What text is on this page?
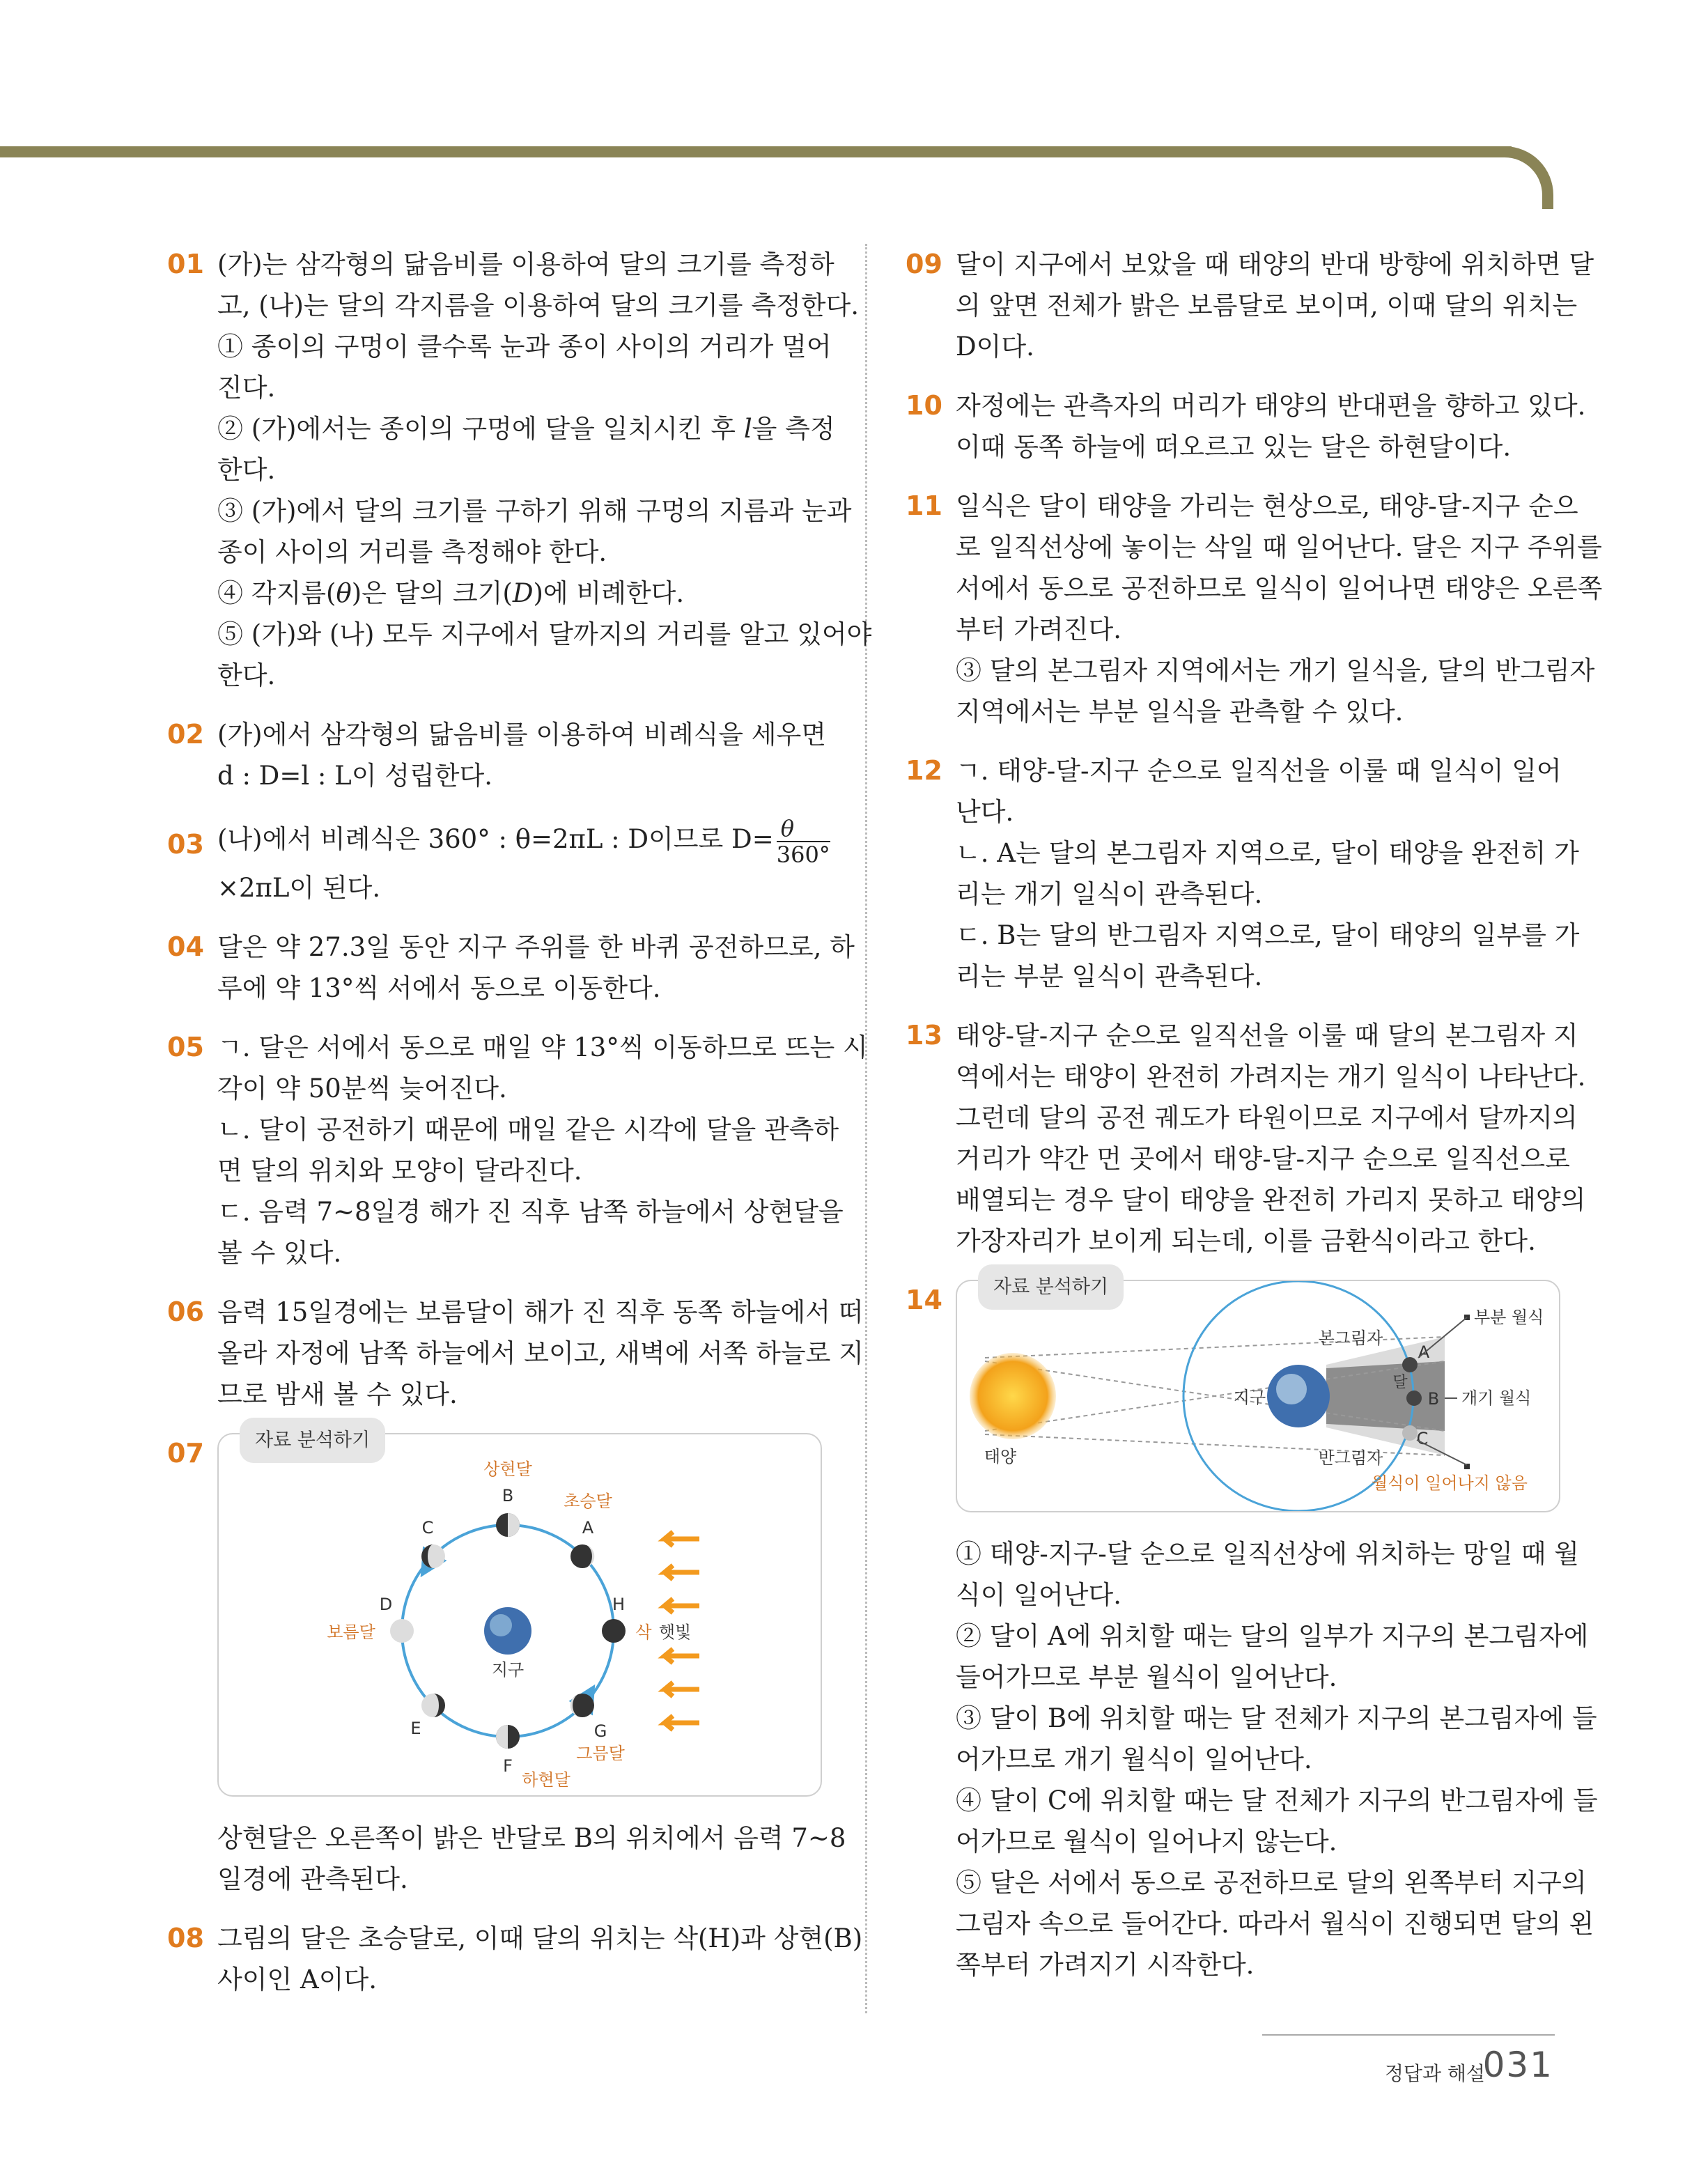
01 (가)는 삼각형의 닮음비를 이용하여 달의 크기를 측정하
고, (나)는 달의 각지름을 이용하여 달의 크기를 측정한다.
① 종이의 구멍이 클수록 눈과 종이 사이의 거리가 멀어
진다.
② (가)에서는 종이의 구멍에 달을 일치시킨 후 l을 측정
한다.
③ (가)에서 달의 크기를 구하기 위해 구멍의 지름과 눈과
종이 사이의 거리를 측정해야 한다.
④ 각지름(θ)은 달의 크기(D)에 비례한다.
⑤ (가)와 (나) 모두 지구에서 달까지의 거리를 알고 있어야
한다.
02 (가)에서 삼각형의 닮음비를 이용하여 비례식을 세우면
d : D=l : L이 성립한다.
03 (나)에서 비례식은 360° : θ=2πL : D이므로 $D= \frac{\theta}{360^\circ}$
×2πL이 된다.
04 달은 약 27.3일 동안 지구 주위를 한 바퀴 공전하므로, 하
루에 약 13°씩 서에서 동으로 이동한다.
05 ㄱ. 달은 서에서 동으로 매일 약 13°씩 이동하므로 뜨는 시
각이 약 50분씩 늦어진다.
ㄴ. 달이 공전하기 때문에 매일 같은 시각에 달을 관측하
면 달의 위치와 모양이 달라진다.
ㄷ. 음력 7~8일경 해가 진 직후 남쪽 하늘에서 상현달을
볼 수 있다.
06 음력 15일경에는 보름달이 해가 진 직후 동쪽 하늘에서 떠
올라 자정에 남쪽 하늘에서 보이고, 새벽에 서쪽 하늘로 지
므로 밤새 볼 수 있다.
07	자료 분석하기
지구
상현달
B	초승달
A
C
D
보름달
H
삭 햇빛
E	G
그믐달
F
하현달
상현달은 오른쪽이 밝은 반달로 B의 위치에서 음력 7~8
일경에 관측된다.
08 그림의 달은 초승달로, 이때 달의 위치는 삭(H)과 상현(B)
사이인 A이다.
09 달이 지구에서 보았을 때 태양의 반대 방향에 위치하면 달
의 앞면 전체가 밝은 보름달로 보이며, 이때 달의 위치는
D이다.
10 자정에는 관측자의 머리가 태양의 반대편을 향하고 있다.
이때 동쪽 하늘에 떠오르고 있는 달은 하현달이다.
11 일식은 달이 태양을 가리는 현상으로, 태양-달-지구 순으
로 일직선상에 놓이는 삭일 때 일어난다. 달은 지구 주위를
서에서 동으로 공전하므로 일식이 일어나면 태양은 오른쪽
부터 가려진다.
③ 달의 본그림자 지역에서는 개기 일식을, 달의 반그림자
지역에서는 부분 일식을 관측할 수 있다.
12 ㄱ. 태양-달-지구 순으로 일직선을 이룰 때 일식이 일어
난다.
ㄴ. A는 달의 본그림자 지역으로, 달이 태양을 완전히 가
리는 개기 일식이 관측된다.
ㄷ. B는 달의 반그림자 지역으로, 달이 태양의 일부를 가
리는 부분 일식이 관측된다.
13 태양-달-지구 순으로 일직선을 이룰 때 달의 본그림자 지
역에서는 태양이 완전히 가려지는 개기 일식이 나타난다.
그런데 달의 공전 궤도가 타원이므로 지구에서 달까지의
거리가 약간 먼 곳에서 태양-달-지구 순으로 일직선으로
배열되는 경우 달이 태양을 완전히 가리지 못하고 태양의
가장자리가 보이게 되는데, 이를 금환식이라고 한다.
14	자료 분석하기
태양
지구
본그림자
반그림자
달
A
B
C
부분 월식
개기 월식
월식이 일어나지 않음
① 태양-지구-달 순으로 일직선상에 위치하는 망일 때 월
식이 일어난다.
② 달이 A에 위치할 때는 달의 일부가 지구의 본그림자에
들어가므로 부분 월식이 일어난다.
③ 달이 B에 위치할 때는 달 전체가 지구의 본그림자에 들
어가므로 개기 월식이 일어난다.
④ 달이 C에 위치할 때는 달 전체가 지구의 반그림자에 들
어가므로 월식이 일어나지 않는다.
⑤ 달은 서에서 동으로 공전하므로 달의 왼쪽부터 지구의
그림자 속으로 들어간다. 따라서 월식이 진행되면 달의 왼
쪽부터 가려지기 시작한다.
정답과 해설
031
